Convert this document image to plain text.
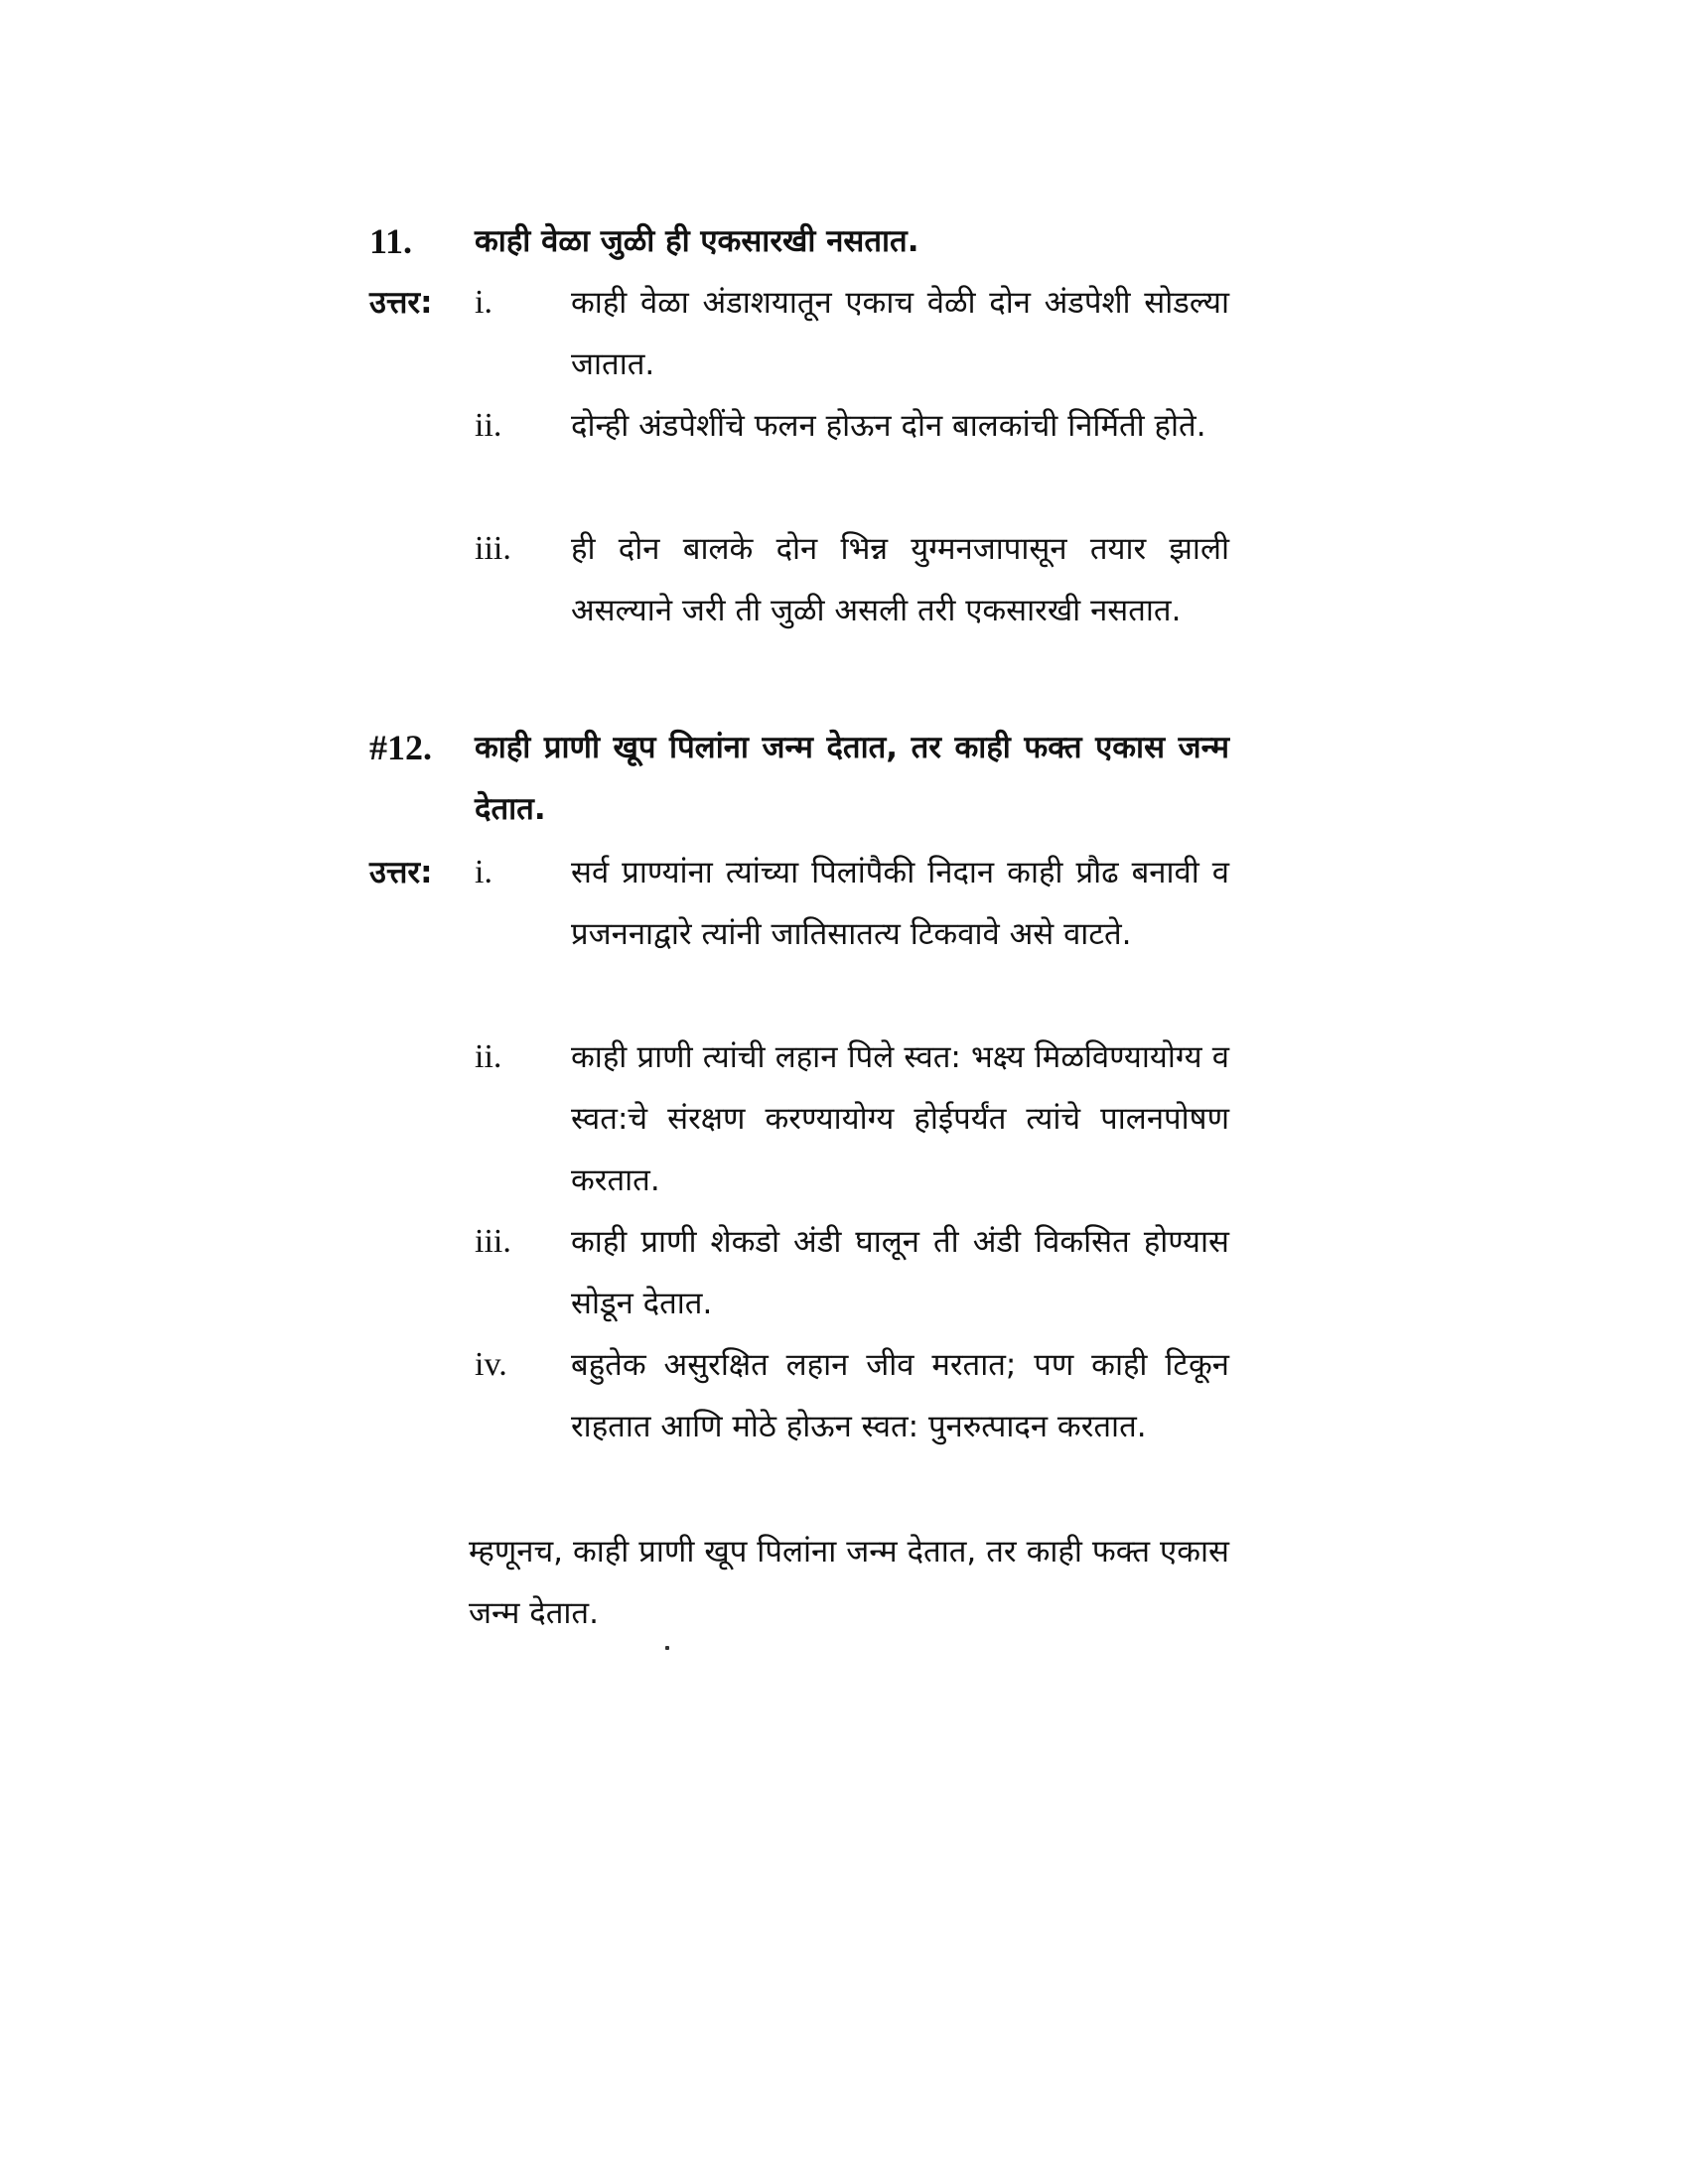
11. काही वेळा जुळी ही एकसारखी नसतात.
उत्तर: i.	काही वेळा अंडाशयातून एकाच वेळी दोन अंडपेशी सोडल्या जातात.
ii. दोन्ही अंडपेशींचे फलन होऊन दोन बालकांची निर्मिती होते.
iii. ही दोन बालके दोन भिन्न युग्मनजापासून तयार झाली असल्याने जरी ती जुळी असली तरी एकसारखी नसतात.
#12. काही प्राणी खूप पिलांना जन्म देतात, तर काही फक्त एकास जन्म देतात.
उत्तर: i.	सर्व प्राण्यांना त्यांच्या पिलांपैकी निदान काही प्रौढ बनावी व प्रजननाद्वारे त्यांनी जातिसातत्य टिकवावे असे वाटते.
ii. काही प्राणी त्यांची लहान पिले स्वत: भक्ष्य मिळविण्यायोग्य व स्वत:चे संरक्षण करण्यायोग्य होईपर्यंत त्यांचे पालनपोषण करतात.
iii. काही प्राणी शेकडो अंडी घालून ती अंडी विकसित होण्यास सोडून देतात.
iv. बहुतेक असुरक्षित लहान जीव मरतात; पण काही टिकून राहतात आणि मोठे होऊन स्वत: पुनरुत्पादन करतात.
म्हणूनच, काही प्राणी खूप पिलांना जन्म देतात, तर काही फक्त एकास जन्म देतात.
